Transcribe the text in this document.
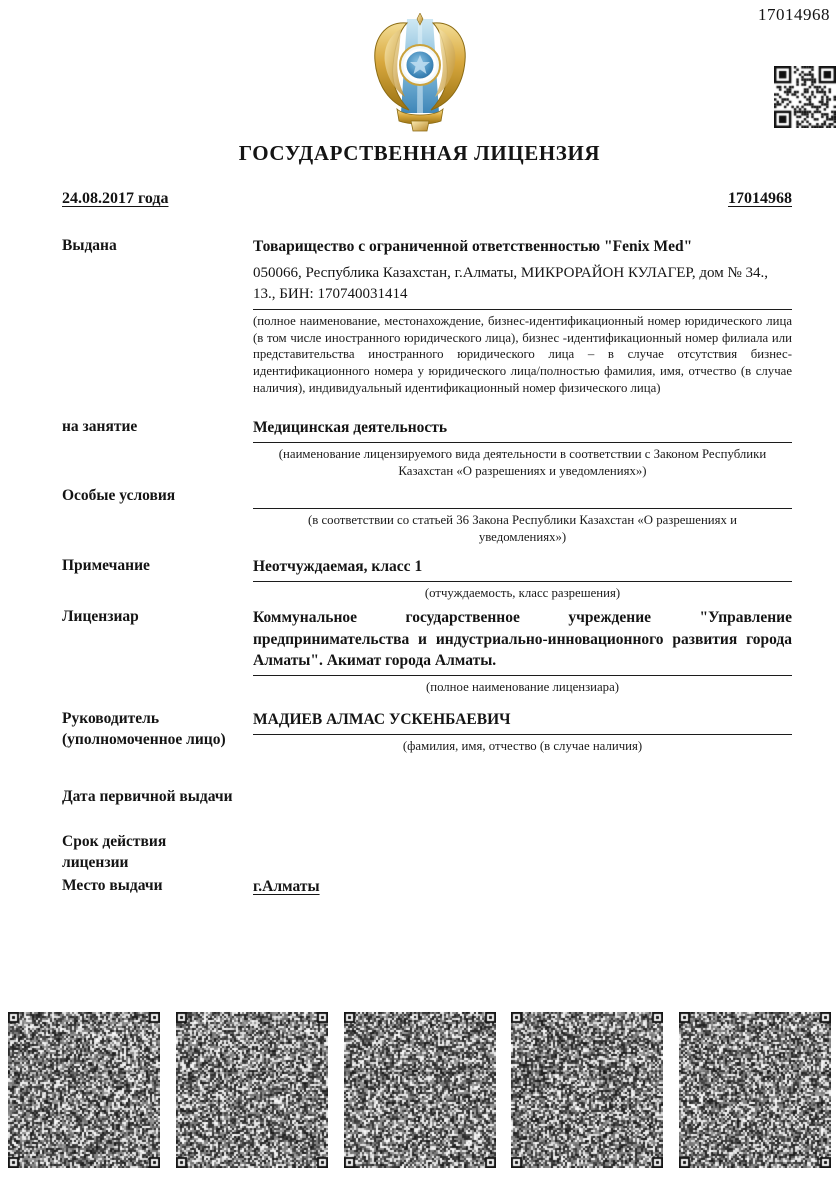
17014968
ГОСУДАРСТВЕННАЯ ЛИЦЕНЗИЯ
24.08.2017 года	17014968
Выдана	Товарищество с ограниченной ответственностью "Fenix Med"
050066, Республика Казахстан, г.Алматы, МИКРОРАЙОН КУЛАГЕР, дом № 34., 13., БИН: 170740031414
(полное наименование, местонахождение, бизнес-идентификационный номер юридического лица (в том числе иностранного юридического лица), бизнес -идентификационный номер филиала или представительства иностранного юридического лица – в случае отсутствия бизнес-идентификационного номера у юридического лица/полностью фамилия, имя, отчество (в случае наличия), индивидуальный идентификационный номер физического лица)
на занятие	Медицинская деятельность
(наименование лицензируемого вида деятельности в соответствии с Законом Республики Казахстан «О разрешениях и уведомлениях»)
Особые условия
(в соответствии со статьей 36 Закона Республики Казахстан «О разрешениях и уведомлениях»)
Примечание	Неотчуждаемая, класс 1
(отчуждаемость, класс разрешения)
Лицензиар	Коммунальное государственное учреждение "Управление предпринимательства и индустриально-инновационного развития города Алматы". Акимат города Алматы.
(полное наименование лицензиара)
Руководитель (уполномоченное лицо)
МАДИЕВ АЛМАС УСКЕНБАЕВИЧ
(фамилия, имя, отчество (в случае наличия)
Дата первичной выдачи
Срок действия лицензии
Место выдачи	г.Алматы
